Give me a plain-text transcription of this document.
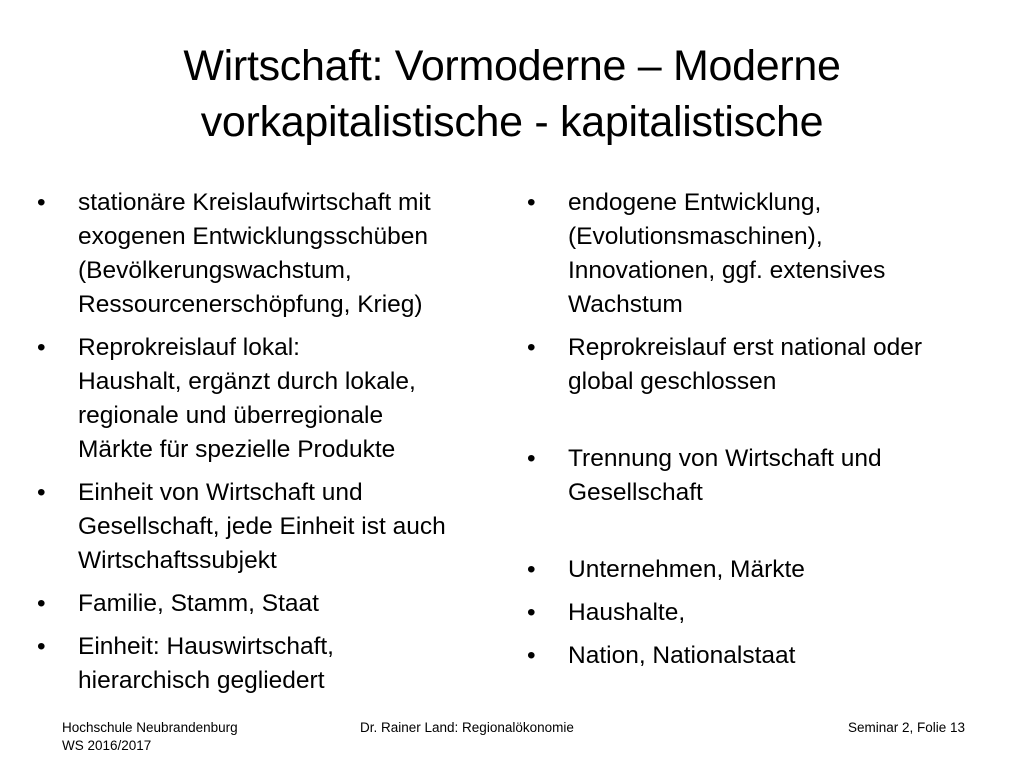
Wirtschaft: Vormoderne – Moderne
vorkapitalistische - kapitalistische
•	stationäre Kreislaufwirtschaft mit
exogenen Entwicklungsschüben
(Bevölkerungswachstum,
Ressourcenerschöpfung, Krieg)
•	Reprokreislauf lokal:
Haushalt, ergänzt durch lokale,
regionale und überregionale
Märkte für spezielle Produkte
•	Einheit von Wirtschaft und
Gesellschaft, jede Einheit ist auch
Wirtschaftssubjekt
•	Familie, Stamm, Staat
•	Einheit: Hauswirtschaft,
hierarchisch gegliedert
•	endogene Entwicklung,
(Evolutionsmaschinen),
Innovationen, ggf. extensives
Wachstum
•	Reprokreislauf erst national oder
global geschlossen
•	Trennung von Wirtschaft und
Gesellschaft
•	Unternehmen, Märkte
•	Haushalte,
•	Nation, Nationalstaat
Hochschule Neubrandenburg
WS 2016/2017
Dr. Rainer Land: Regionalökonomie	Seminar 2, Folie 13
